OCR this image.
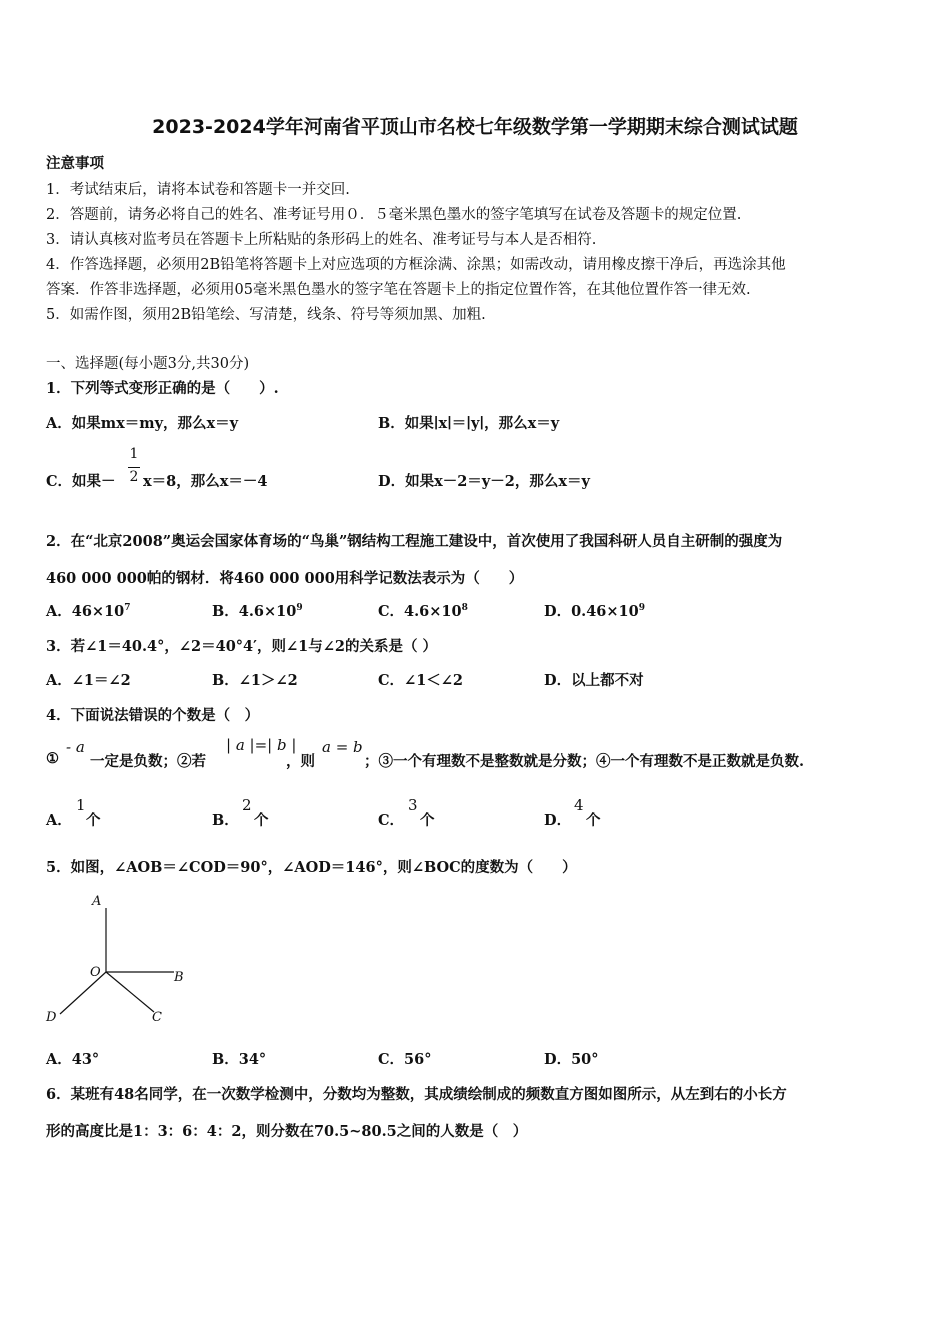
2023-2024学年河南省平顶山市名校七年级数学第一学期期末综合测试试题
注意事项
1．考试结束后，请将本试卷和答题卡一并交回.
2．答题前，请务必将自己的姓名、准考证号用０．５毫米黑色墨水的签字笔填写在试卷及答题卡的规定位置.
3．请认真核对监考员在答题卡上所粘贴的条形码上的姓名、准考证号与本人是否相符.
4．作答选择题，必须用2B铅笔将答题卡上对应选项的方框涂满、涂黑；如需改动，请用橡皮擦干净后，再选涂其他
答案．作答非选择题，必须用05毫米黑色墨水的签字笔在答题卡上的指定位置作答，在其他位置作答一律无效.
5．如需作图，须用2B铅笔绘、写清楚，线条、符号等须加黑、加粗.
一、选择题(每小题3分,共30分)
1．下列等式变形正确的是（　　）.
A．如果mx＝my，那么x＝y	B．如果∣x∣＝∣y∣，那么x＝y
C．如果－
1
2 x＝8，那么x＝－4	D．如果x－2＝y－2，那么x＝y
2．在“北京2008”奥运会国家体育场的“鸟巢”钢结构工程施工建设中，首次使用了我国科研人员自主研制的强度为
460 000 000帕的钢材．将460 000 000用科学记数法表示为（　　）
A．$46\times 10^7$	B．$4.6\times 10^9$	C．$4.6\times 10^8$	D．$0.46\times 10^9$
3．若∠1＝40.4°，∠2＝40°4′，则∠1与∠2的关系是（ ）
A．∠1＝∠2	B．∠1＞∠2	C．∠1＜∠2	D．以上都不对
4．下面说法错误的个数是（　）
①
- a
一定是负数；②若
| a |=| b |
，则
a = b
；③一个有理数不是整数就是分数；④一个有理数不是正数就是负数.
A．
1
个	B．
2
个	C．
3
个	D．
4
个
5．如图，∠AOB＝∠COD＝90°，∠AOD＝146°，则∠BOC的度数为（　　）
A
O	B
C
D
A．43°	B．34°	C．56°	D．50°
6．某班有48名同学，在一次数学检测中，分数均为整数，其成绩绘制成的频数直方图如图所示，从左到右的小长方
形的高度比是1：3：6：4：2，则分数在70.5~80.5之间的人数是（　）
